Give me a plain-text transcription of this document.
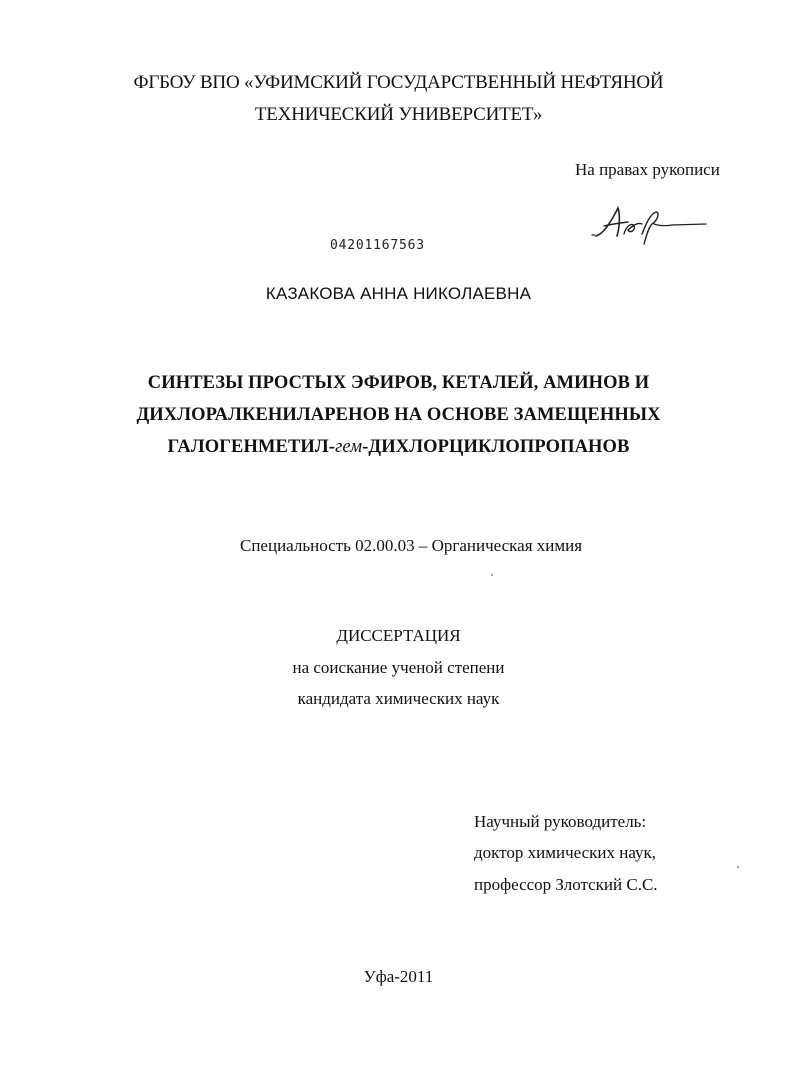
ФГБОУ ВПО «УФИМСКИЙ ГОСУДАРСТВЕННЫЙ НЕФТЯНОЙ
ТЕХНИЧЕСКИЙ УНИВЕРСИТЕТ»
На правах рукописи
04201167563
КАЗАКОВА АННА НИКОЛАЕВНА
СИНТЕЗЫ ПРОСТЫХ ЭФИРОВ, КЕТАЛЕЙ, АМИНОВ И
ДИХЛОРАЛКЕНИЛАРЕНОВ НА ОСНОВЕ ЗАМЕЩЕННЫХ
ГАЛОГЕНМЕТИЛ-гем-ДИХЛОРЦИКЛОПРОПАНОВ
Специальность 02.00.03 – Органическая химия
ДИССЕРТАЦИЯ
на соискание ученой степени
кандидата химических наук
Научный руководитель:
доктор химических наук,
профессор Злотский С.С.
Уфа-2011
